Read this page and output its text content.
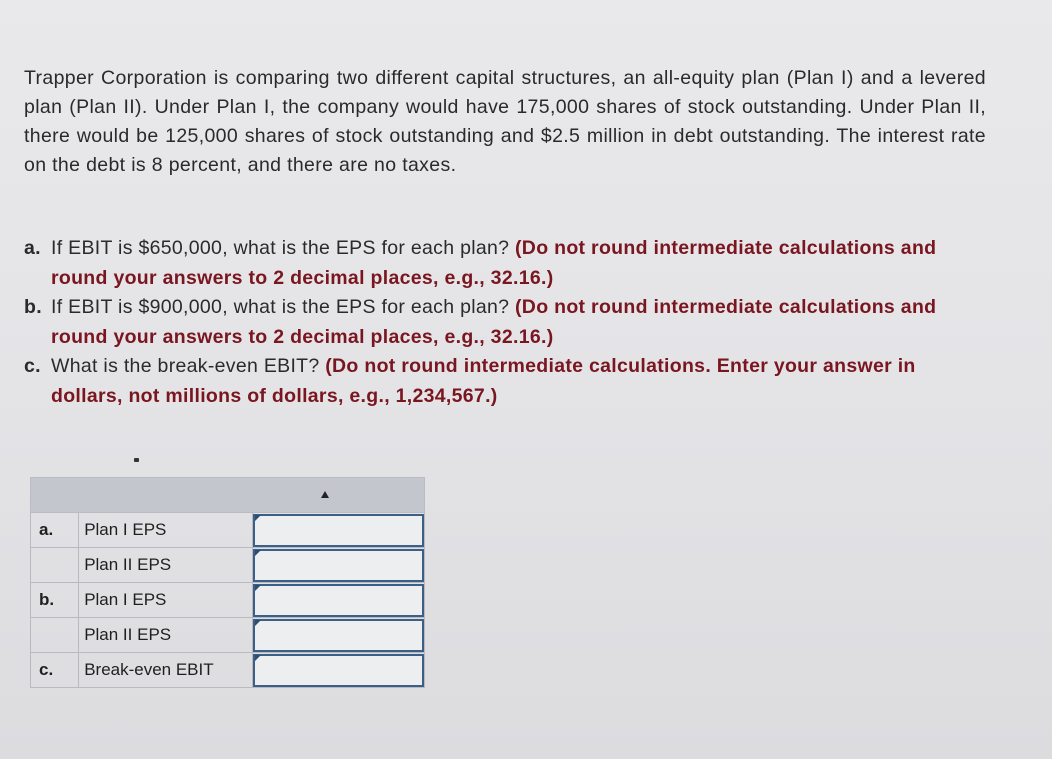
Trapper Corporation is comparing two different capital structures, an all-equity plan (Plan I) and a levered plan (Plan II). Under Plan I, the company would have 175,000 shares of stock outstanding. Under Plan II, there would be 125,000 shares of stock outstanding and $2.5 million in debt outstanding. The interest rate on the debt is 8 percent, and there are no taxes.

a. If EBIT is $650,000, what is the EPS for each plan? (Do not round intermediate calculations and round your answers to 2 decimal places, e.g., 32.16.)
b. If EBIT is $900,000, what is the EPS for each plan? (Do not round intermediate calculations and round your answers to 2 decimal places, e.g., 32.16.)
c. What is the break-even EBIT? (Do not round intermediate calculations. Enter your answer in dollars, not millions of dollars, e.g., 1,234,567.)

a.	Plan I EPS	

	Plan II EPS	

b.	Plan I EPS	

	Plan II EPS	

c.	Break-even EBIT	
